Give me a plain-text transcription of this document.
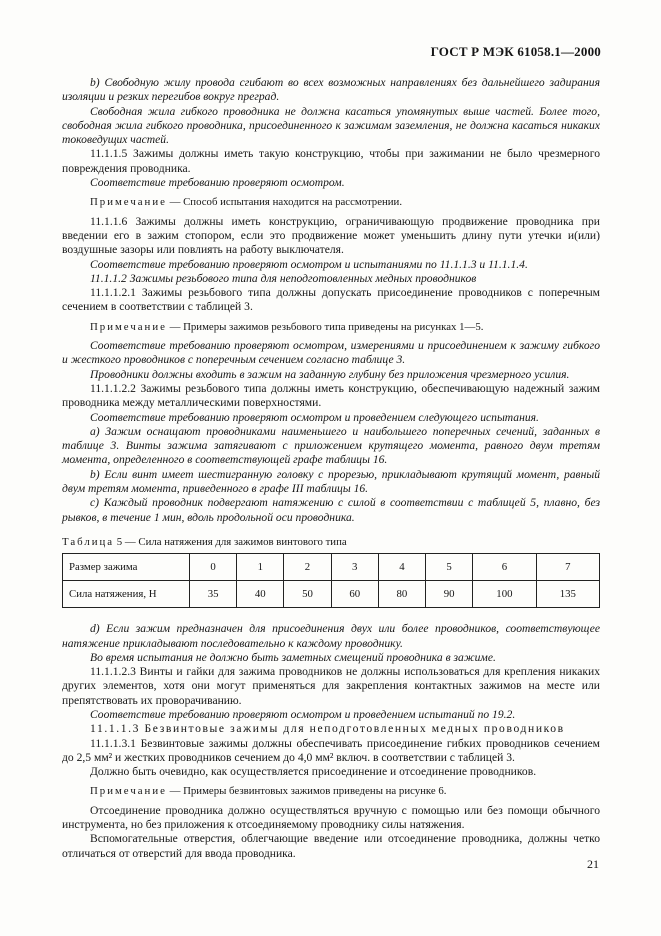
ГОСТ Р МЭК 61058.1—2000

b) Свободную жилу провода сгибают во всех возможных направлениях без дальнейшего задирания изоляции и резких перегибов вокруг преград.

Свободная жила гибкого проводника не должна касаться упомянутых выше частей. Более того, свободная жила гибкого проводника, присоединенного к зажимам заземления, не должна касаться никаких токоведущих частей.

11.1.1.5 Зажимы должны иметь такую конструкцию, чтобы при зажимании не было чрезмерного повреждения проводника.

Соответствие требованию проверяют осмотром.

Примечание — Способ испытания находится на рассмотрении.

11.1.1.6 Зажимы должны иметь конструкцию, ограничивающую продвижение проводника при введении его в зажим стопором, если это продвижение может уменьшить длину пути утечки и(или) воздушные зазоры или повлиять на работу выключателя.

Соответствие требованию проверяют осмотром и испытаниями по 11.1.1.3 и 11.1.1.4.

11.1.1.2 Зажимы резьбового типа для неподготовленных медных проводников

11.1.1.2.1 Зажимы резьбового типа должны допускать присоединение проводников с поперечным сечением в соответствии с таблицей 3.

Примечание — Примеры зажимов резьбового типа приведены на рисунках 1—5.

Соответствие требованию проверяют осмотром, измерениями и присоединением к зажиму гибкого и жесткого проводников с поперечным сечением согласно таблице 3.

Проводники должны входить в зажим на заданную глубину без приложения чрезмерного усилия.

11.1.1.2.2 Зажимы резьбового типа должны иметь конструкцию, обеспечивающую надежный зажим проводника между металлическими поверхностями.

Соответствие требованию проверяют осмотром и проведением следующего испытания.

а) Зажим оснащают проводниками наименьшего и наибольшего поперечных сечений, заданных в таблице 3. Винты зажима затягивают с приложением крутящего момента, равного двум третям момента, определенного в соответствующей графе таблицы 16.

b) Если винт имеет шестигранную головку с прорезью, прикладывают крутящий момент, равный двум третям момента, приведенного в графе III таблицы 16.

c) Каждый проводник подвергают натяжению с силой в соответствии с таблицей 5, плавно, без рывков, в течение 1 мин, вдоль продольной оси проводника.

Таблица 5 — Сила натяжения для зажимов винтового типа
Размер зажима	0	1	2	3	4	5	6	7
Сила натяжения, Н	35	40	50	60	80	90	100	135

d) Если зажим предназначен для присоединения двух или более проводников, соответствующее натяжение прикладывают последовательно к каждому проводнику.

Во время испытания не должно быть заметных смещений проводника в зажиме.

11.1.1.2.3 Винты и гайки для зажима проводников не должны использоваться для крепления никаких других элементов, хотя они могут применяться для закрепления контактных зажимов на месте или препятствовать их проворачиванию.

Соответствие требованию проверяют осмотром и проведением испытаний по 19.2.

11.1.1.3 Безвинтовые зажимы для неподготовленных медных проводников

11.1.1.3.1 Безвинтовые зажимы должны обеспечивать присоединение гибких проводников сечением до 2,5 мм² и жестких проводников сечением до 4,0 мм² включ. в соответствии с таблицей 3.

Должно быть очевидно, как осуществляется присоединение и отсоединение проводников.

Примечание — Примеры безвинтовых зажимов приведены на рисунке 6.

Отсоединение проводника должно осуществляться вручную с помощью или без помощи обычного инструмента, но без приложения к отсоединяемому проводнику силы натяжения.

Вспомогательные отверстия, облегчающие введение или отсоединение проводника, должны четко отличаться от отверстий для ввода проводника.

21
